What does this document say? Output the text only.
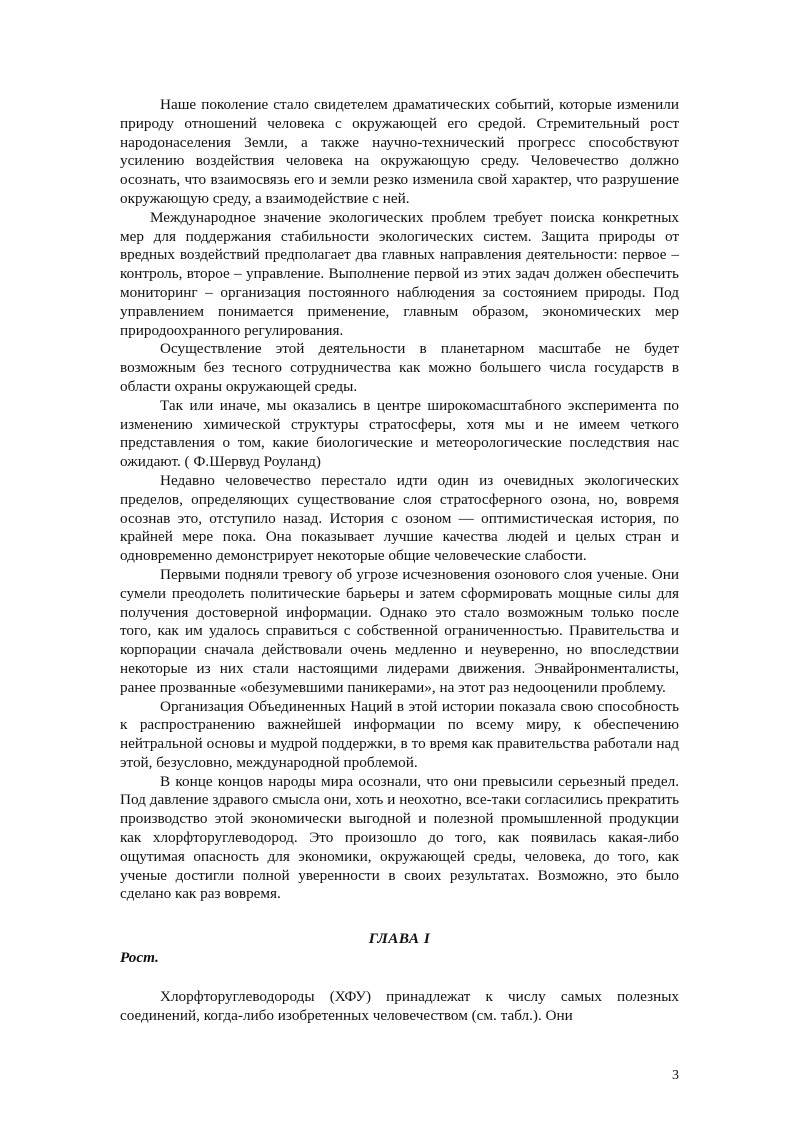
Наше поколение стало свидетелем драматических событий, которые изменили природу отношений человека с окружающей его средой. Стремительный рост народонаселения Земли, а также научно-технический прогресс способствуют усилению воздействия человека на окружающую среду. Человечество должно осознать, что взаимосвязь его и земли резко изменила свой характер, что разрушение окружающую среду, а взаимодействие с ней.

Международное значение экологических проблем требует поиска конкретных мер для поддержания стабильности экологических систем. Защита природы от вредных воздействий предполагает два главных направления деятельности: первое – контроль, второе – управление. Выполнение первой из этих задач должен обеспечить мониторинг – организация постоянного наблюдения за состоянием природы. Под управлением понимается применение, главным образом, экономических мер природоохранного регулирования.

Осуществление этой деятельности в планетарном масштабе не будет возможным без тесного сотрудничества как можно большего числа государств в области охраны окружающей среды.

Так или иначе, мы оказались в центре широкомасштабного эксперимента по изменению химической структуры стратосферы, хотя мы и не имеем четкого представления о том, какие биологические и метеорологические последствия нас ожидают. ( Ф.Шервуд Роуланд)

Недавно человечество перестало идти один из очевидных экологических пределов, определяющих существование слоя стратосферного озона, но, вовремя осознав это, отступило назад. История с озоном — оптимистическая история, по крайней мере пока. Она показывает лучшие качества людей и целых стран и одновременно демонстрирует некоторые общие человеческие слабости.

Первыми подняли тревогу об угрозе исчезновения озонового слоя ученые. Они сумели преодолеть политические барьеры и затем сформировать мощные силы для получения достоверной информации. Однако это стало возможным только после того, как им удалось справиться с собственной ограниченностью. Правительства и корпорации сначала действовали очень медленно и неуверенно, но впоследствии некоторые из них стали настоящими лидерами движения. Энвайронменталисты, ранее прозванные «обезумевшими паникерами», на этот раз недооценили проблему.

Организация Объединенных Наций в этой истории показала свою способность к распространению важнейшей информации по всему миру, к обеспечению нейтральной основы и мудрой поддержки, в то время как правительства работали над этой, безусловно, международной проблемой.

В конце концов народы мира осознали, что они превысили серьезный предел. Под давление здравого смысла они, хоть и неохотно, все-таки согласились прекратить производство этой экономически выгодной и полезной промышленной продукции как хлорфторуглеводород. Это произошло до того, как появилась какая-либо ощутимая опасность для экономики, окружающей среды, человека, до того, как ученые достигли полной уверенности в своих результатах. Возможно, это было сделано как раз вовремя.

ГЛАВА I
Рост.

Хлорфторуглеводороды (ХФУ) принадлежат к числу самых полезных соединений, когда-либо изобретенных человечеством (см. табл.). Они

3
